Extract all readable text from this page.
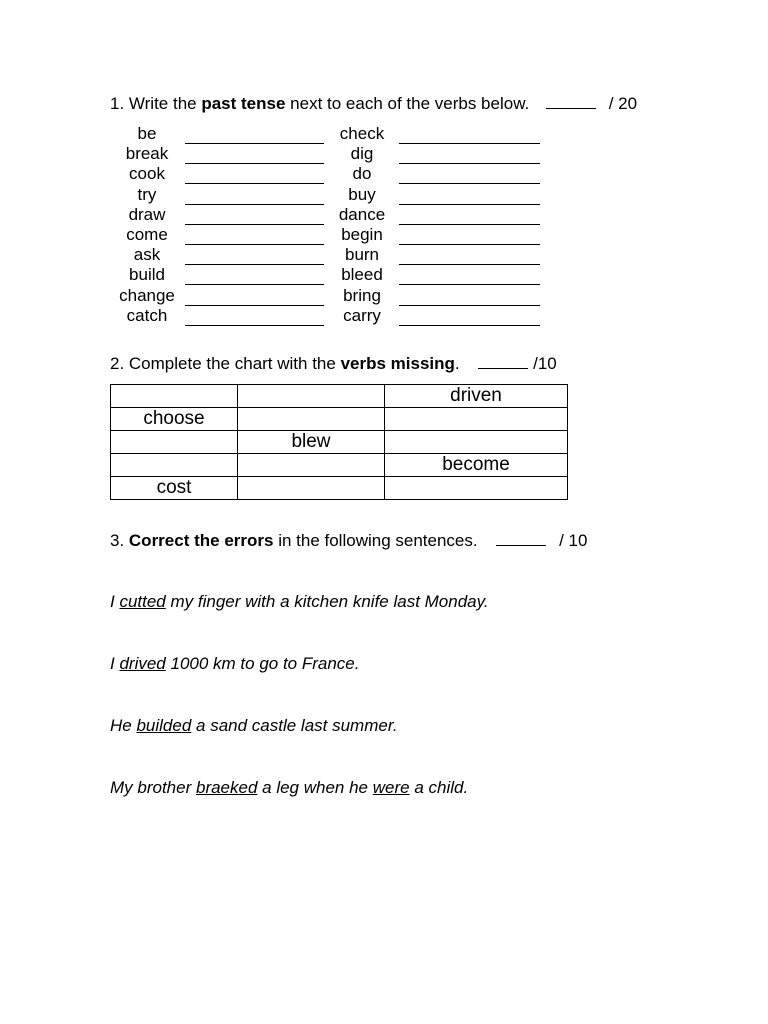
1. Write the past tense next to each of the verbs below.	/ 20
be	check
break	dig
cook	do
try	buy
draw	dance
come	begin
ask	burn
build	bleed
change	bring
catch	carry
2. Complete the chart with the verbs missing.	/10
		driven
choose		
	blew	
		become
cost		
3. Correct the errors in the following sentences.	/ 10
I cutted my finger with a kitchen knife last Monday.
I drived 1000 km to go to France.
He builded a sand castle last summer.
My brother braeked a leg when he were a child.
